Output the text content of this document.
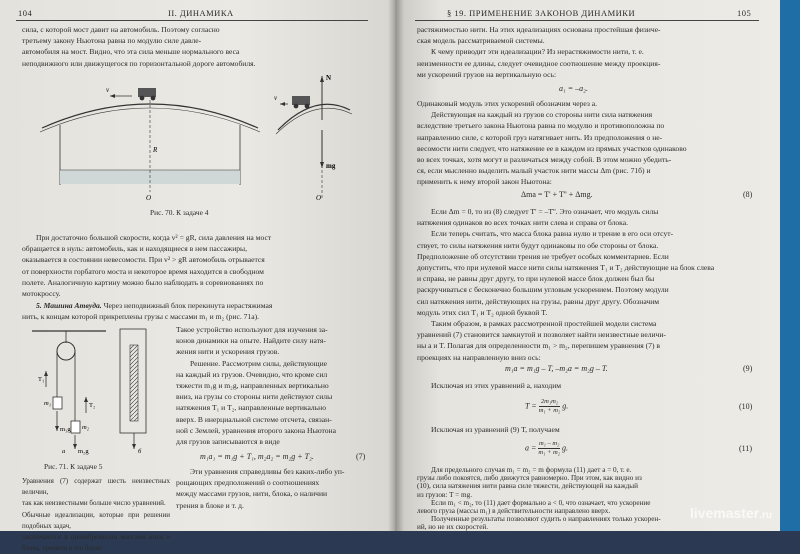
104	II. ДИНАМИКА

сила, с которой мост давит на автомобиль. Поэтому согласно

третьему закону Ньютона равна по модулю силе давле-

автомобиля на мост. Видно, что эта сила меньше нормального веса

неподвижного или движущегося по горизонтальной дороге автомобиля.

v
v
R
O	O
N
mg
Рис. 70. К задаче 4

При достаточно большой скорости, когда v² = gR, сила давления на мост

обращается в нуль: автомобиль, как и находящиеся в нем пассажиры,

оказывается в состоянии невесомости. При v² > gR автомобиль отрывается

от поверхности горбатого моста и некоторое время находится в свободном

полете. Аналогичную картину можно было наблюдать в соревнованиях по

мотокроссу.

5. Машина Атвуда. Через неподвижный блок перекинута нерастяжимая

нить, к концам которой прикреплены грузы с массами m₁ и m₂ (рис. 71а).

T₁
T₂
m₁
m₂
m₁g
m₂g
a	б
Рис. 71. К задаче 5

Такое устройство используют для изучения за-

конов динамики на опыте. Найдите силу натя-

жения нити и ускорения грузов.

Решение. Рассмотрим силы, действующие

на каждый из грузов. Очевидно, что кроме сил

тяжести m₁g и m₂g, направленных вертикально

вниз, на грузы со стороны нити действуют силы

натяжения T₁ и T₂, направленные вертикально

вверх. В инерциальной системе отсчета, связан-

ной с Землей, уравнения второго закона Ньютона

для грузов записываются в виде

m₁a₁ = m₁g + T₁, m₂a₂ = m₂g + T₂.	(7)

Эти уравнения справедливы без каких-либо уп-

рощающих предположений о соотношениях

между массами грузов, нити, блока, о наличии

трения в блоке и т. д.

Уравнения (7) содержат шесть неизвестных величин,

так как неизвестными больше число уравнений.

Обычные идеализации, которые при решении подобных задач,

заключаются в пренебрежении массами нити и блока, трением в его блоке

§ 19. ПРИМЕНЕНИЕ ЗАКОНОВ ДИНАМИКИ	105

растяжимостью нити. На этих идеализациях основана простейшая физиче-

ская модель рассматриваемой системы.

К чему приводит эти идеализации? Из нерастяжимости нити, т. е.

неизменности ее длины, следует очевидное соотношение между проекция-

ми ускорений грузов на вертикальную ось:

a₁ = –a₂.

Одинаковый модуль этих ускорений обозначим через a.

Действующая на каждый из грузов со стороны нити сила натяжения

вследствие третьего закона Ньютона равна по модулю и противоположна по

направлению силе, с которой груз натягивает нить. Из предположения о не-

весомости нити следует, что натяжение ее в каждом из прямых участков одинаково

во всех точках, хотя могут и различаться между собой. В этом можно убедить-

ся, если мысленно выделить малый участок нити массы Δm (рис. 71б) и

применить к нему второй закон Ньютона:

Δma = T' + T'' + Δmg.	(8)

Если Δm = 0, то из (8) следует T' = –T''. Это означает, что модуль силы

натяжения одинаков во всех точках нити слева и справа от блока.

Если теперь считать, что масса блока равна нулю и трение в его оси отсут-

ствует, то силы натяжения нити будут одинаковы по обе стороны от блока.

Предположение об отсутствии трения не требует особых комментариев. Если

допустить, что при нулевой массе нити силы натяжения T₁ и T₂ действующие на блок слева

и справа, не равны друг другу, то при нулевой массе блок должен был бы

раскручиваться с бесконечно большим угловым ускорением. Поэтому модули

сил натяжения нити, действующих на грузы, равны друг другу. Обозначим

модуль этих сил T₁ и T₂ одной буквой T.

Таким образом, в рамках рассмотренной простейшей модели система

уравнений (7) становится замкнутой и позволяет найти неизвестные величи-

ны a и T. Полагая для определенности m₁ > m₂, перепишем уравнения (7) в

проекциях на направленную вниз ось:

m₁a = m₁g – T, –m₂a = m₂g – T.	(9)

Исключая из этих уравнений a, находим

$T = \frac{\text{2m₁m₂}}{\text{m₁ + m₂}} g$.	(10)

Исключая из уравнений (9) T, получаем

$a = \frac{\text{m₁ – m₂}}{\text{m₁ + m₂}} g$.	(11)

Для предельного случая m₁ = m₂ = m формула (11) дает a = 0, т. е.

грузы либо покоятся, либо движутся равномерно. При этом, как видно из

(10), сила натяжения нити равна силе тяжести, действующей на каждый

из грузов: T = mg.

Если m₁ < m₂, то (11) дает формально a < 0, что означает, что ускорение

левого груза (массы m₁) в действительности направлено вверх.

Полученные результаты позволяют судить о направлениях только ускорен-

ий, но не их скоростей.

livemaster.ru
